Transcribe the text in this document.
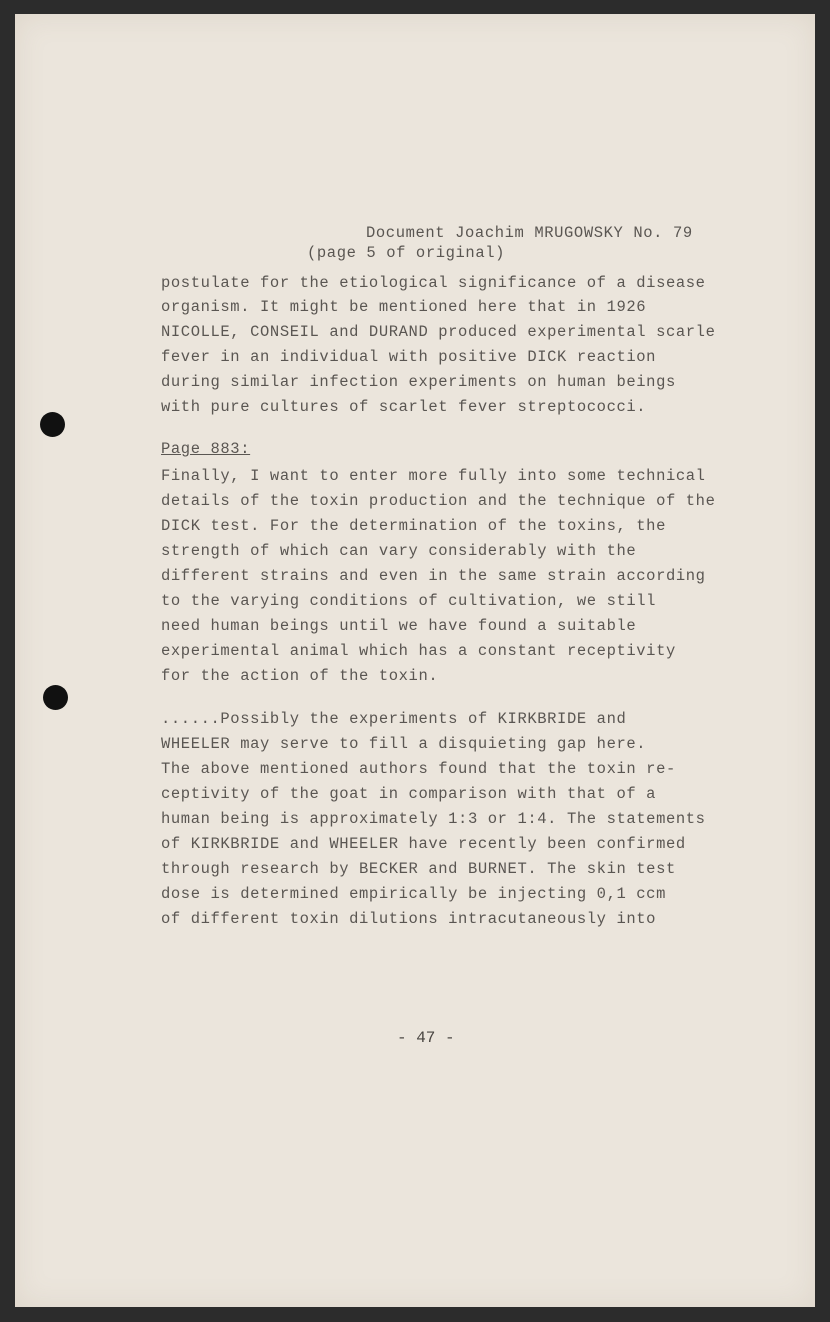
Document Joachim MRUGOWSKY No. 79
(page 5 of original)
postulate for the etiological significance of a disease
organism. It might be mentioned here that in 1926
NICOLLE, CONSEIL and DURAND produced experimental scarle
fever in an individual with positive DICK reaction
during similar infection experiments on human beings
with pure cultures of scarlet fever streptococci.
Page 883:
Finally, I want to enter more fully into some technical
details of the toxin production and the technique of the
DICK test. For the determination of the toxins, the
strength of which can vary considerably with the
different strains and even in the same strain according
to the varying conditions of cultivation, we still
need human beings until we have found a suitable
experimental animal which has a constant receptivity
for the action of the toxin.
......Possibly the experiments of KIRKBRIDE and
WHEELER may serve to fill a disquieting gap here.
The above mentioned authors found that the toxin re-
ceptivity of the goat in comparison with that of a
human being is approximately 1:3 or 1:4. The statements
of KIRKBRIDE and WHEELER have recently been confirmed
through research by BECKER and BURNET. The skin test
dose is determined empirically be injecting 0,1 ccm
of different toxin dilutions intracutaneously into
- 47 -
